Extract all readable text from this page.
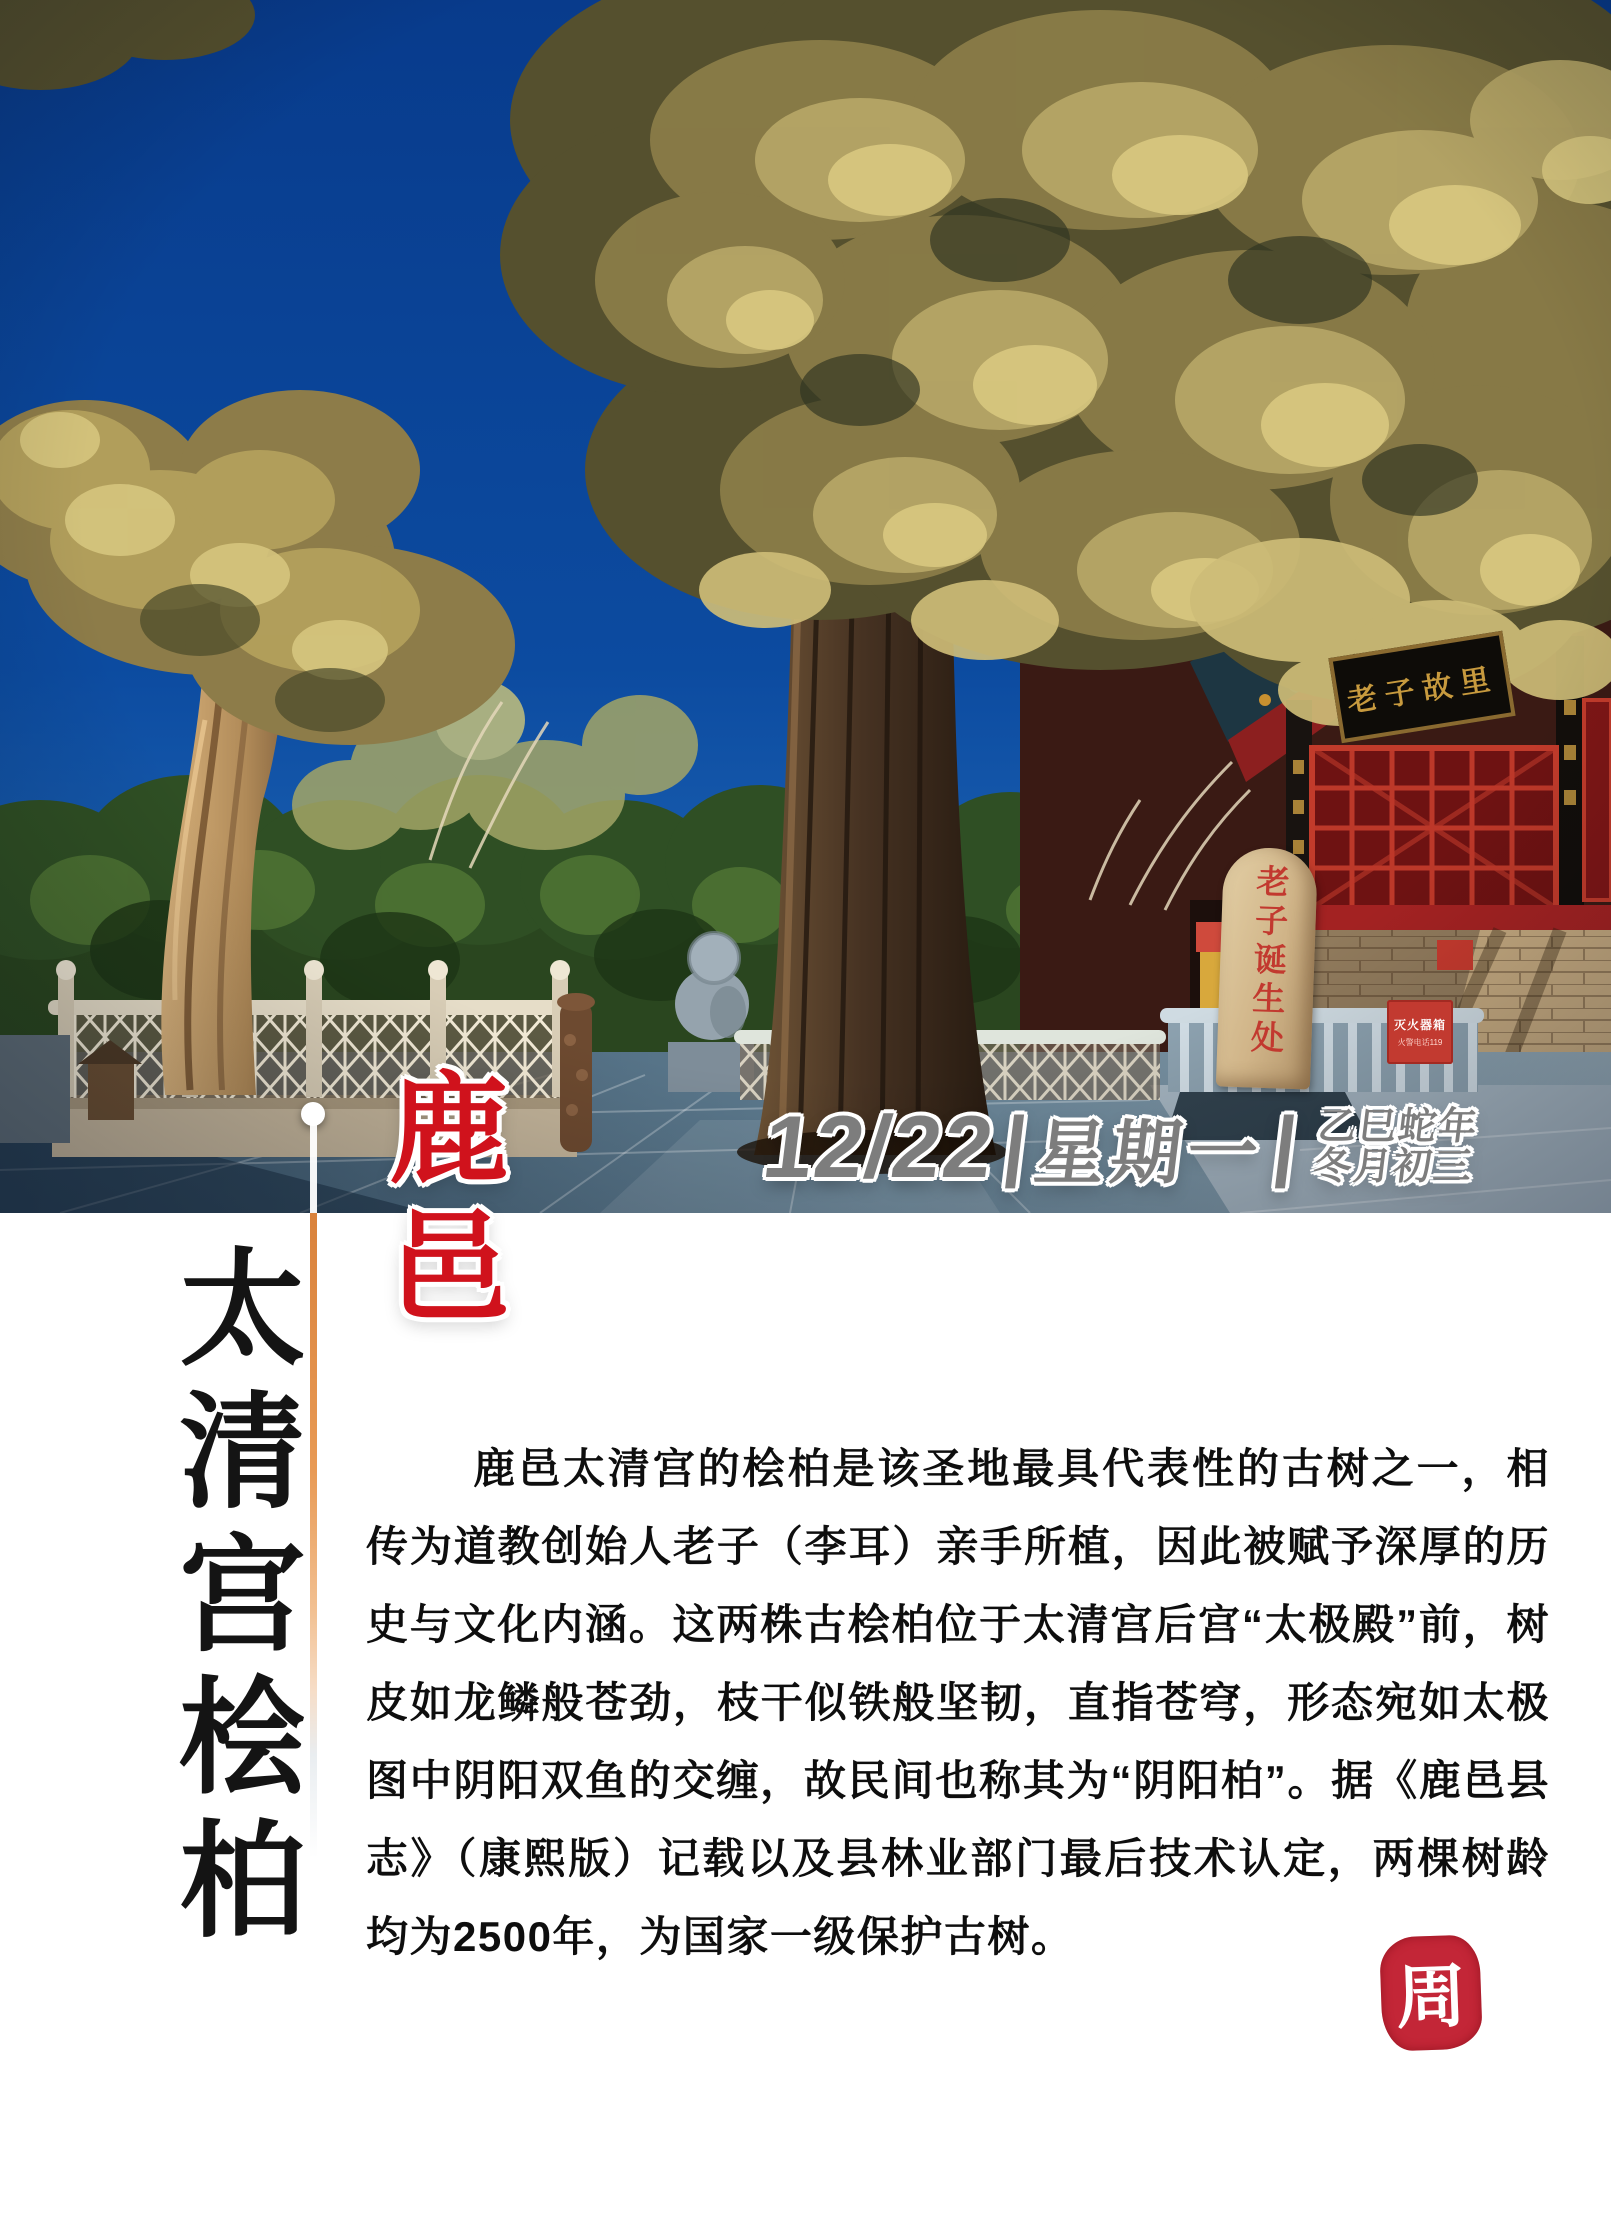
老子故里
老子诞生处	灭火器箱
火警电话119
12/22
|
星期一 | 乙巳蛇年
冬月初三
鹿邑
太清宫桧柏	鹿邑太清宫的桧柏是该圣地最具代表性的古树之一，相传为道教创始人老子（李耳）亲手所植，因此被赋予深厚的历史与文化内涵。这两株古桧柏位于太清宫后宫“太极殿”前，树皮如龙鳞般苍劲，枝干似铁般坚韧，直指苍穹，形态宛如太极图中阴阳双鱼的交缠，故民间也称其为“阴阳柏”。据《鹿邑县志》（康熙版）记载以及县林业部门最后技术认定，两棵树龄均为2500年，为国家一级保护古树。

周
